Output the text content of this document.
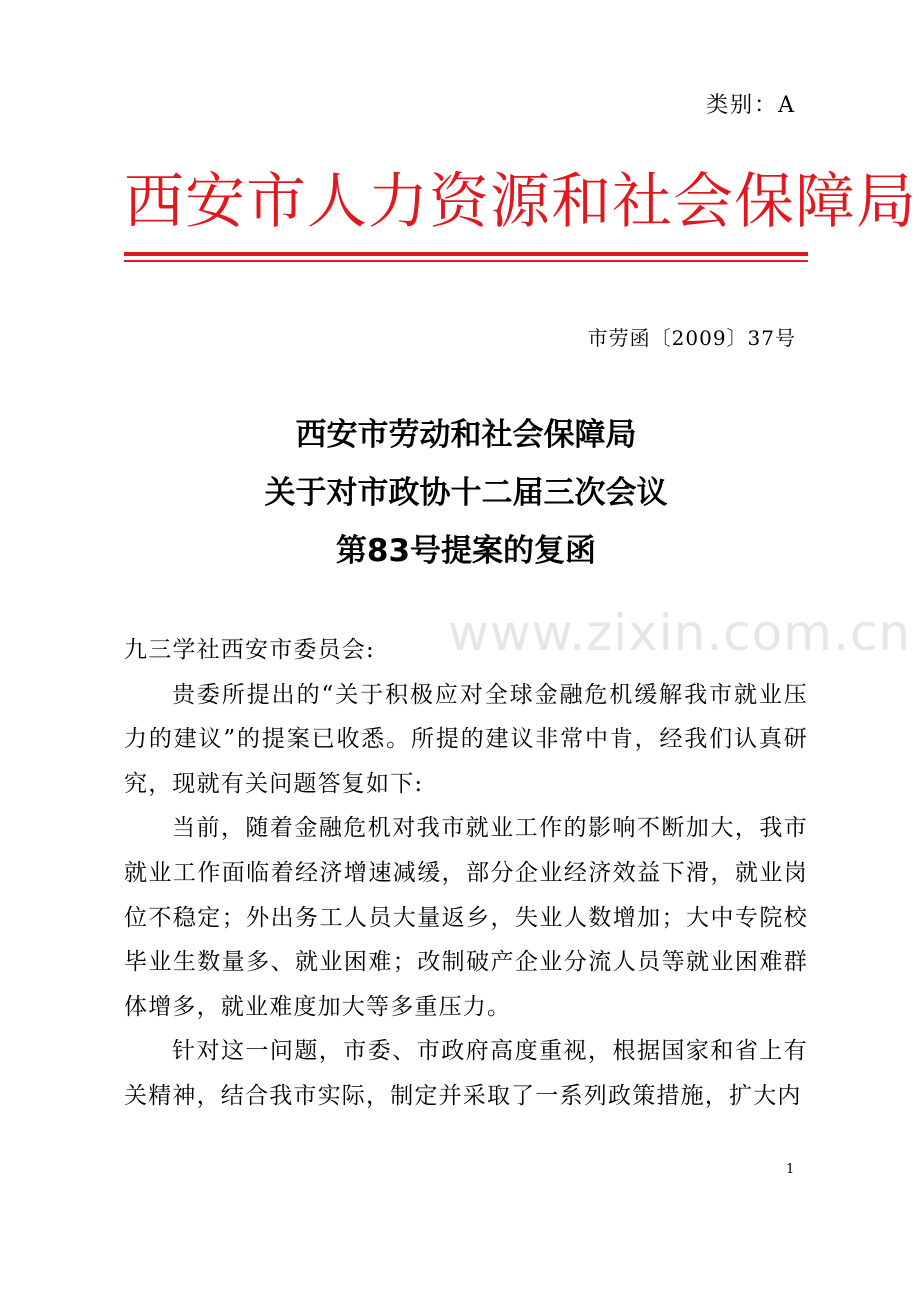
类别：A
西安市人力资源和社会保障局
市劳函〔2009〕37号
西安市劳动和社会保障局
关于对市政协十二届三次会议
第83号提案的复函
www.zixin.com.cn

九三学社西安市委员会:

贵委所提出的“关于积极应对全球金融危机缓解我市就业压力的建议”的提案已收悉。所提的建议非常中肯，经我们认真研究，现就有关问题答复如下:

当前，随着金融危机对我市就业工作的影响不断加大，我市就业工作面临着经济增速减缓，部分企业经济效益下滑，就业岗位不稳定；外出务工人员大量返乡，失业人数增加；大中专院校毕业生数量多、就业困难；改制破产企业分流人员等就业困难群体增多，就业难度加大等多重压力。

针对这一问题，市委、市政府高度重视，根据国家和省上有关精神，结合我市实际，制定并采取了一系列政策措施，扩大内

1
